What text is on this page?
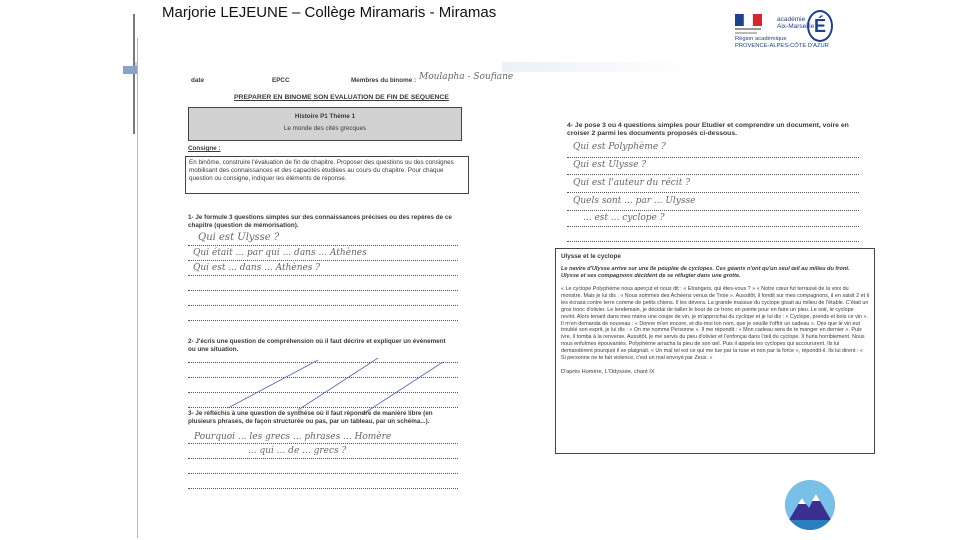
Marjorie LEJEUNE – Collège Miramaris - Miramas	académie
Aix-Marseille É
Région académique
PROVENCE-ALPES-CÔTE D'AZUR
date	EPCC	Membres du binome : Moulapha - Soufiane
PREPARER EN BINOME SON EVALUATION DE FIN DE SEQUENCE
Histoire P1 Thème 1
Le monde des cités grecques
Consigne :
En binôme, construire l'évaluation de fin de chapitre. Proposer des questions ou des consignes mobilisant des connaissances et des capacités étudiées au cours du chapitre. Pour chaque question ou consigne, indiquer les éléments de réponse.
1- Je formule 3 questions simples sur des connaissances précises ou des repères de ce chapitre (question de mémorisation).
Qui est Ulysse ?
Qui était ... par qui ... dans ... Athènes
Qui est ... dans ... Athènes ?
2- J'écris une question de compréhension où il faut décrire et expliquer un événement ou une situation.
3- Je réfléchis à une question de synthèse où il faut répondre de manière libre (en plusieurs phrases, de façon structurée ou pas, par un tableau, par un schéma...).
Pourquoi ... les grecs ... phrases ... Homère
... qui ... de ... grecs ?
4- Je pose 3 ou 4 questions simples pour Etudier et comprendre un document, voire en croiser 2 parmi les documents proposés ci-dessous.
Qui est Polyphème ?
Qui est Ulysse ?
Qui est l'auteur du récit ?
Quels sont ... par ... Ulysse
... est ... cyclope ?
Ulysse et le cyclope
Le navire d'Ulysse arrive sur une île peuplée de cyclopes. Ces géants n'ont qu'un seul œil au milieu du front. Ulysse et ses compagnons décident de se réfugier dans une grotte.
« Le cyclope Polyphème nous aperçut et nous dit : « Etrangers, qui êtes-vous ? » « Notre cœur fut terrassé de la voix du monstre. Mais je lui dis : « Nous sommes des Achéens venus de Troie ». Aussitôt, il fondit sur mes compagnons, il en saisit 2 et il les écrasa contre terre comme de petits chiens. Il les dévora. La grande massue du cyclope gisait au milieu de l'étable. C'était un gros tronc d'olivier. Le lendemain, je décidai de tailler le bout de ce tronc en pointe pour en faire un pieu. Le soir, le cyclope revint. Alors tenant dans mes mains une coupe de vin, je m'approchai du cyclope et je lui dis : « Cyclope, prends et bois ce vin ». Il m'en demanda de nouveau : « Donne m'en encore, et dis-moi ton nom, que je veuille t'offrir un cadeau ». Dès que le vin eut troublé son esprit, je lui dis : « On me nomme Personne ». Il me répondit : « Mon cadeau sera de te manger en dernier ». Puis ivre, il tomba à la renverse. Aussitôt, je me servis du pieu d'olivier et l'enfonçai dans l'œil du cyclope. Il hurla horriblement. Nous nous enfuîmes épouvantés. Polyphème arracha la pieu de son œil. Puis il appela les cyclopes qui accoururent. Ils lui demandèrent pourquoi il se plaignait. « Un mal tel est ce qui me tue par la ruse et non par la force », répondit-il. Ils lui dirent : « Si personne ne te fait violence, c'est un mal envoyé par Zeus. »
D'après Homère, L'Odyssée, chant IX
